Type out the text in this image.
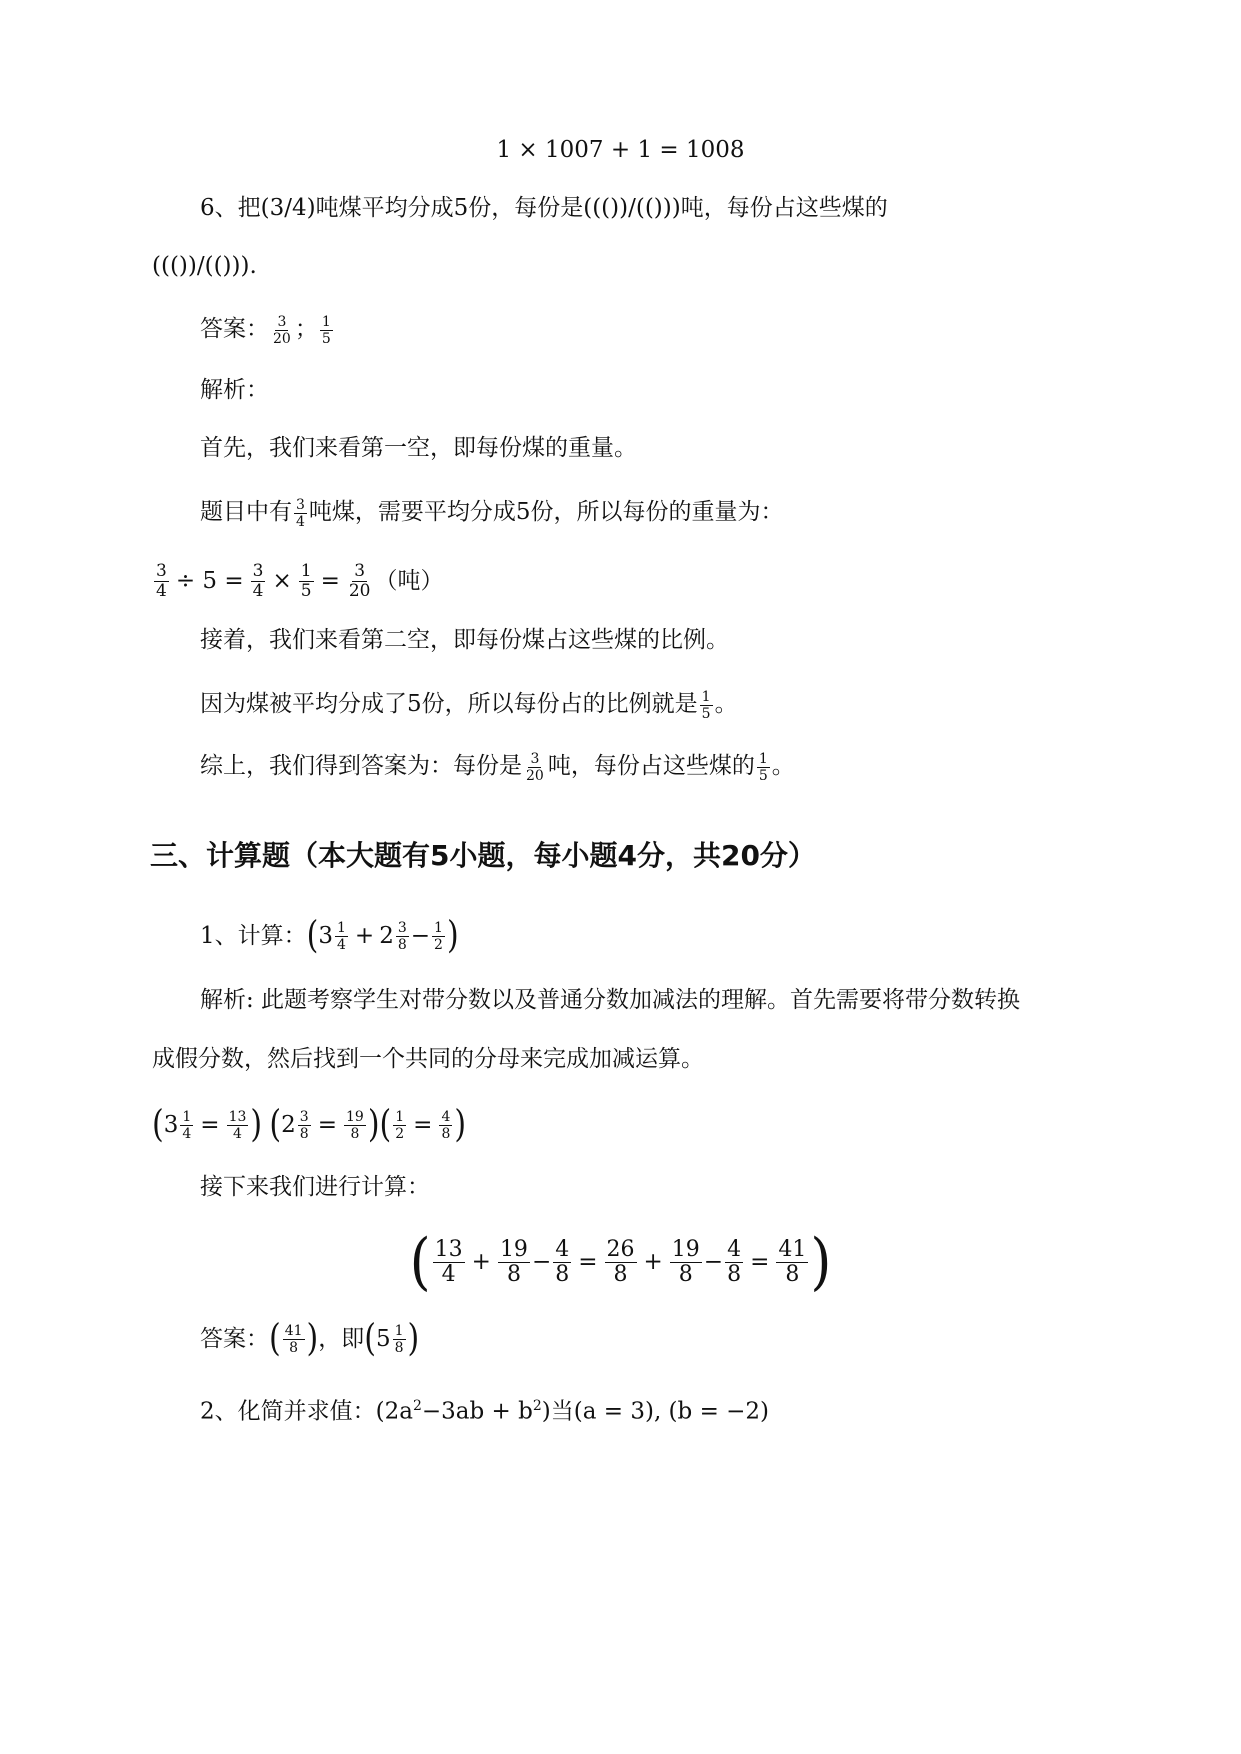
1 × 1007 + 1 = 1008
6、把(3/4)吨煤平均分成5份，每份是((())/(()))吨，每份占这些煤的
((())/(())).
答案： $\frac{3}{20}$ ； $\frac{1}{5}$
解析：
首先，我们来看第一空，即每份煤的重量。
题目中有 $\frac{3}{4}$ 吨煤，需要平均分成5份，所以每份的重量为：
$\frac{3}{4} \div 5 = \frac{3}{4} \times \frac{1}{5} = \frac{3}{20}$ （吨）
接着，我们来看第二空，即每份煤占这些煤的比例。
因为煤被平均分成了5份，所以每份占的比例就是 $\frac{1}{5}$ 。
综上，我们得到答案为：每份是 $\frac{3}{20}$ 吨，每份占这些煤的 $\frac{1}{5}$ 。
三、计算题（本大题有5小题，每小题4分，共20分）
1、计算： ( $3 \frac{1}{4} + 2 \frac{3}{8} - \frac{1}{2}$ )
解析: 此题考察学生对带分数以及普通分数加减法的理解。首先需要将带分数转换
成假分数，然后找到一个共同的分母来完成加减运算。
( $3 \frac{1}{4} = \frac{13}{4}$ )
( $2 \frac{3}{8} = \frac{19}{8}$ ) ( $\frac{1}{2} = \frac{4}{8}$ )
接下来我们进行计算：
( $\frac{13}{4} + \frac{19}{8} - \frac{4}{8} = \frac{26}{8} + \frac{19}{8} - \frac{4}{8} = \frac{41}{8}$ )
答案： ( $\frac{41}{8}$ ) ，即 ( $5 \frac{1}{8}$ )
2、化简并求值：$(2a^2-3ab + b^2)$当(a = 3), (b = −2)
